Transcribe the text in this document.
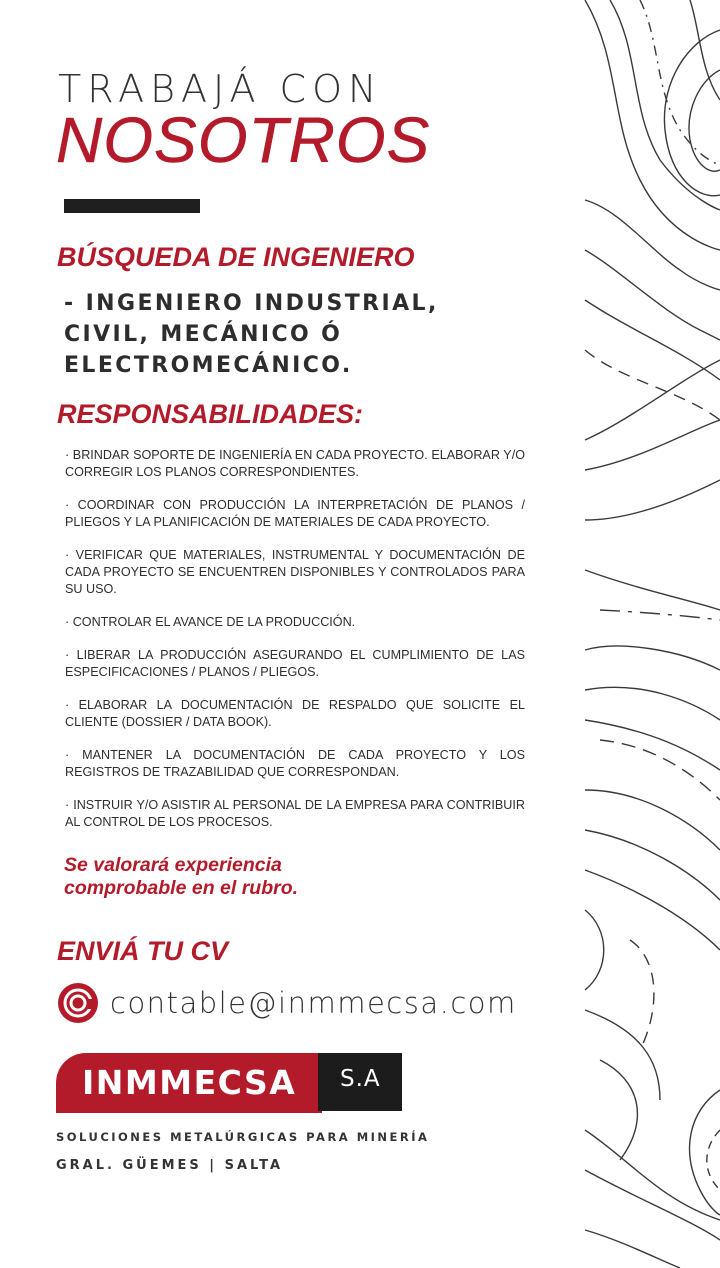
TRABAJÁ CON
NOSOTROS
BÚSQUEDA DE INGENIERO
- INGENIERO INDUSTRIAL, CIVIL, MECÁNICO Ó ELECTROMECÁNICO.
RESPONSABILIDADES:
· BRINDAR SOPORTE DE INGENIERÍA EN CADA PROYECTO. ELABORAR Y/O CORREGIR LOS PLANOS CORRESPONDIENTES.
· COORDINAR CON PRODUCCIÓN LA INTERPRETACIÓN DE PLANOS / PLIEGOS Y LA PLANIFICACIÓN DE MATERIALES DE CADA PROYECTO.
· VERIFICAR QUE MATERIALES, INSTRUMENTAL Y DOCUMENTACIÓN DE CADA PROYECTO SE ENCUENTREN DISPONIBLES Y CONTROLADOS PARA SU USO.
· CONTROLAR EL AVANCE DE LA PRODUCCIÓN.
· LIBERAR LA PRODUCCIÓN ASEGURANDO EL CUMPLIMIENTO DE LAS ESPECIFICACIONES / PLANOS / PLIEGOS.
· ELABORAR LA DOCUMENTACIÓN DE RESPALDO QUE SOLICITE EL CLIENTE (DOSSIER / DATA BOOK).
· MANTENER LA DOCUMENTACIÓN DE CADA PROYECTO Y LOS REGISTROS DE TRAZABILIDAD QUE CORRESPONDAN.
· INSTRUIR Y/O ASISTIR AL PERSONAL DE LA EMPRESA PARA CONTRIBUIR AL CONTROL DE LOS PROCESOS.
Se valorará experiencia comprobable en el rubro.
ENVIÁ TU CV
contable@inmmecsa.com
INMMECSA S.A
SOLUCIONES METALÚRGICAS PARA MINERÍA
GRAL. GÜEMES | SALTA
